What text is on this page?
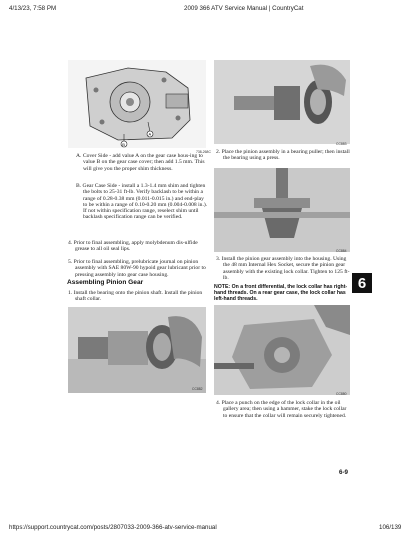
4/13/23, 7:58 PM	2009 366 ATV Service Manual | CountryCat
B
A
738-268C

A. Cover Side - add value A on the gear case hous-ing to value B on the gear case cover; then add 1.5 mm. This will give you the proper shim thickness.

B. Gear Case Side - install a 1.3-1.4 mm shim and tighten the bolts to 25-31 ft-lb. Verify backlash to be within a range of 0.28-0.38 mm (0.011-0.015 in.) and end-play to be within a range of 0.10-0.20 mm (0.004-0.008 in.). If not within specification range, reselect shim until backlash specification range can be verified.

4. Prior to final assembling, apply molybdenum dis-ulfide grease to all oil seal lips.

5. Prior to final assembling, prelubricate journal on pinion assembly with SAE 80W-90 hypoid gear lubricant prior to pressing assembly into gear case housing.

Assembling Pinion Gear

1. Install the bearing onto the pinion shaft. Install the pinion shaft collar.

CC882
CC883

2. Place the pinion assembly in a bearing puller; then install the bearing using a press.

CC884

3. Install the pinion gear assembly into the housing. Using the 48 mm Internal Hex Socket, secure the pinion gear assembly with the existing lock collar. Tighten to 125 ft-lb.

NOTE: On a front differential, the lock collar has right-hand threads. On a rear gear case, the lock collar has left-hand threads.
CC880

4. Place a punch on the edge of the lock collar in the oil gallery area; then using a hammer, stake the lock collar to ensure that the collar will remain securely tightened.

6
6-9
https://support.countrycat.com/posts/2807033-2009-366-atv-service-manual	106/139
